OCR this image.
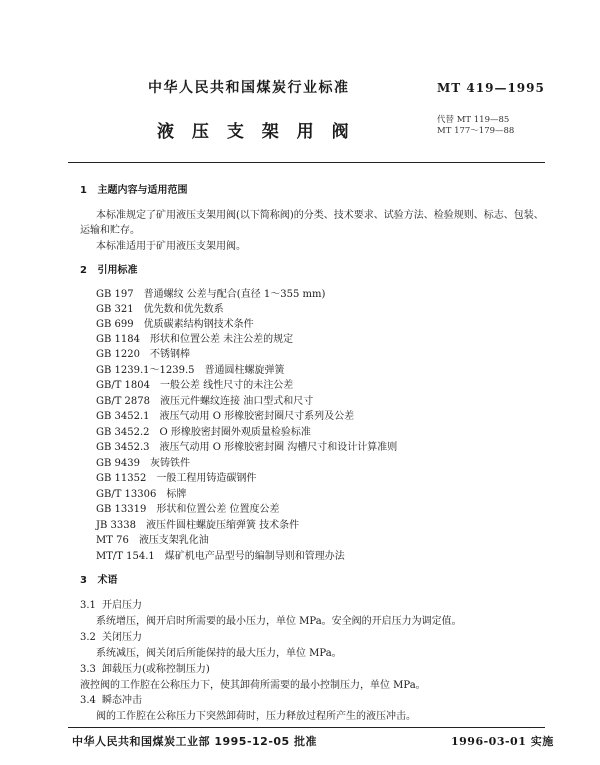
中华人民共和国煤炭行业标准	MT 419—1995
液 压 支 架 用 阀
代替 MT 119—85
MT 177～179—88
1 主题内容与适用范围
本标准规定了矿用液压支架用阀(以下简称阀)的分类、技术要求、试验方法、检验规则、标志、包装、
运输和贮存。
本标准适用于矿用液压支架用阀。
2 引用标准
GB 197 普通螺纹 公差与配合(直径 1～355 mm)
GB 321 优先数和优先数系
GB 699 优质碳素结构钢技术条件
GB 1184 形状和位置公差 未注公差的规定
GB 1220 不锈钢棒
GB 1239.1～1239.5 普通圆柱螺旋弹簧
GB/T 1804 一般公差 线性尺寸的未注公差
GB/T 2878 液压元件螺纹连接 油口型式和尺寸
GB 3452.1 液压气动用 O 形橡胶密封圈尺寸系列及公差
GB 3452.2 O 形橡胶密封圈外观质量检验标准
GB 3452.3 液压气动用 O 形橡胶密封圈 沟槽尺寸和设计计算准则
GB 9439 灰铸铁件
GB 11352 一般工程用铸造碳钢件
GB/T 13306 标牌
GB 13319 形状和位置公差 位置度公差
JB 3338 液压件圆柱螺旋压缩弹簧 技术条件
MT 76 液压支架乳化油
MT/T 154.1 煤矿机电产品型号的编制导则和管理办法
3 术语
3.1 开启压力
系统增压，阀开启时所需要的最小压力，单位 MPa。安全阀的开启压力为调定值。
3.2 关闭压力
系统减压，阀关闭后所能保持的最大压力，单位 MPa。
3.3 卸载压力(或称控制压力)
液控阀的工作腔在公称压力下，使其卸荷所需要的最小控制压力，单位 MPa。
3.4 瞬态冲击
阀的工作腔在公称压力下突然卸荷时，压力释放过程所产生的液压冲击。
中华人民共和国煤炭工业部 1995-12-05 批准	1996-03-01 实施
